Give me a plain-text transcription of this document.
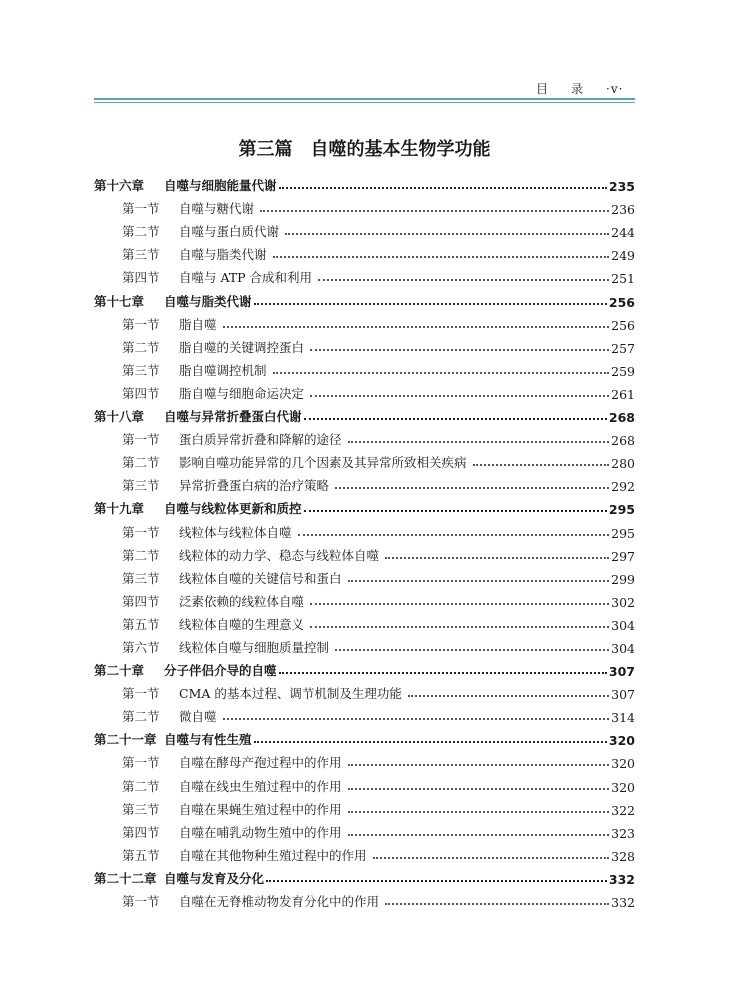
目 录 ·v·
第三篇　自噬的基本生物学功能
第十六章	自噬与细胞能量代谢	235
第一节	自噬与糖代谢	236
第二节	自噬与蛋白质代谢	244
第三节	自噬与脂类代谢	249
第四节	自噬与 ATP 合成和利用	251
第十七章	自噬与脂类代谢	256
第一节	脂自噬	256
第二节	脂自噬的关键调控蛋白	257
第三节	脂自噬调控机制	259
第四节	脂自噬与细胞命运决定	261
第十八章	自噬与异常折叠蛋白代谢	268
第一节	蛋白质异常折叠和降解的途径	268
第二节	影响自噬功能异常的几个因素及其异常所致相关疾病	280
第三节	异常折叠蛋白病的治疗策略	292
第十九章	自噬与线粒体更新和质控	295
第一节	线粒体与线粒体自噬	295
第二节	线粒体的动力学、稳态与线粒体自噬	297
第三节	线粒体自噬的关键信号和蛋白	299
第四节	泛素依赖的线粒体自噬	302
第五节	线粒体自噬的生理意义	304
第六节	线粒体自噬与细胞质量控制	304
第二十章	分子伴侣介导的自噬	307
第一节	CMA 的基本过程、调节机制及生理功能	307
第二节	微自噬	314
第二十一章 自噬与有性生殖	320
第一节	自噬在酵母产孢过程中的作用	320
第二节	自噬在线虫生殖过程中的作用	320
第三节	自噬在果蝇生殖过程中的作用	322
第四节	自噬在哺乳动物生殖中的作用	323
第五节	自噬在其他物种生殖过程中的作用	328
第二十二章 自噬与发育及分化	332
第一节	自噬在无脊椎动物发育分化中的作用	332
